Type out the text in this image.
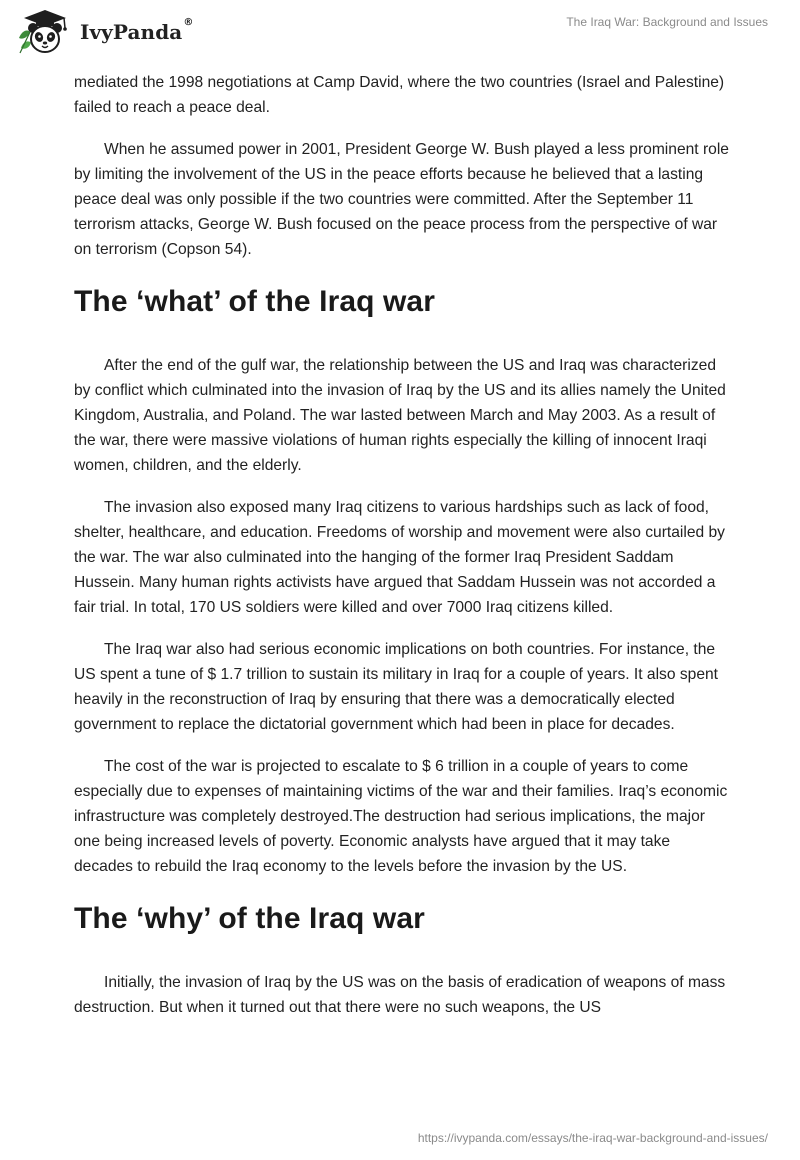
IvyPanda®	The Iraq War: Background and Issues

mediated the 1998 negotiations at Camp David, where the two countries (Israel and Palestine) failed to reach a peace deal.

When he assumed power in 2001, President George W. Bush played a less prominent role by limiting the involvement of the US in the peace efforts because he believed that a lasting peace deal was only possible if the two countries were committed. After the September 11 terrorism attacks, George W. Bush focused on the peace process from the perspective of war on terrorism (Copson 54).

The ‘what’ of the Iraq war

After the end of the gulf war, the relationship between the US and Iraq was characterized by conflict which culminated into the invasion of Iraq by the US and its allies namely the United Kingdom, Australia, and Poland. The war lasted between March and May 2003. As a result of the war, there were massive violations of human rights especially the killing of innocent Iraqi women, children, and the elderly.

The invasion also exposed many Iraq citizens to various hardships such as lack of food, shelter, healthcare, and education. Freedoms of worship and movement were also curtailed by the war. The war also culminated into the hanging of the former Iraq President Saddam Hussein. Many human rights activists have argued that Saddam Hussein was not accorded a fair trial. In total, 170 US soldiers were killed and over 7000 Iraq citizens killed.

The Iraq war also had serious economic implications on both countries. For instance, the US spent a tune of $ 1.7 trillion to sustain its military in Iraq for a couple of years. It also spent heavily in the reconstruction of Iraq by ensuring that there was a democratically elected government to replace the dictatorial government which had been in place for decades.

The cost of the war is projected to escalate to $ 6 trillion in a couple of years to come especially due to expenses of maintaining victims of the war and their families. Iraq’s economic infrastructure was completely destroyed.The destruction had serious implications, the major one being increased levels of poverty. Economic analysts have argued that it may take decades to rebuild the Iraq economy to the levels before the invasion by the US.

The ‘why’ of the Iraq war

Initially, the invasion of Iraq by the US was on the basis of eradication of weapons of mass destruction. But when it turned out that there were no such weapons, the US

https://ivypanda.com/essays/the-iraq-war-background-and-issues/
